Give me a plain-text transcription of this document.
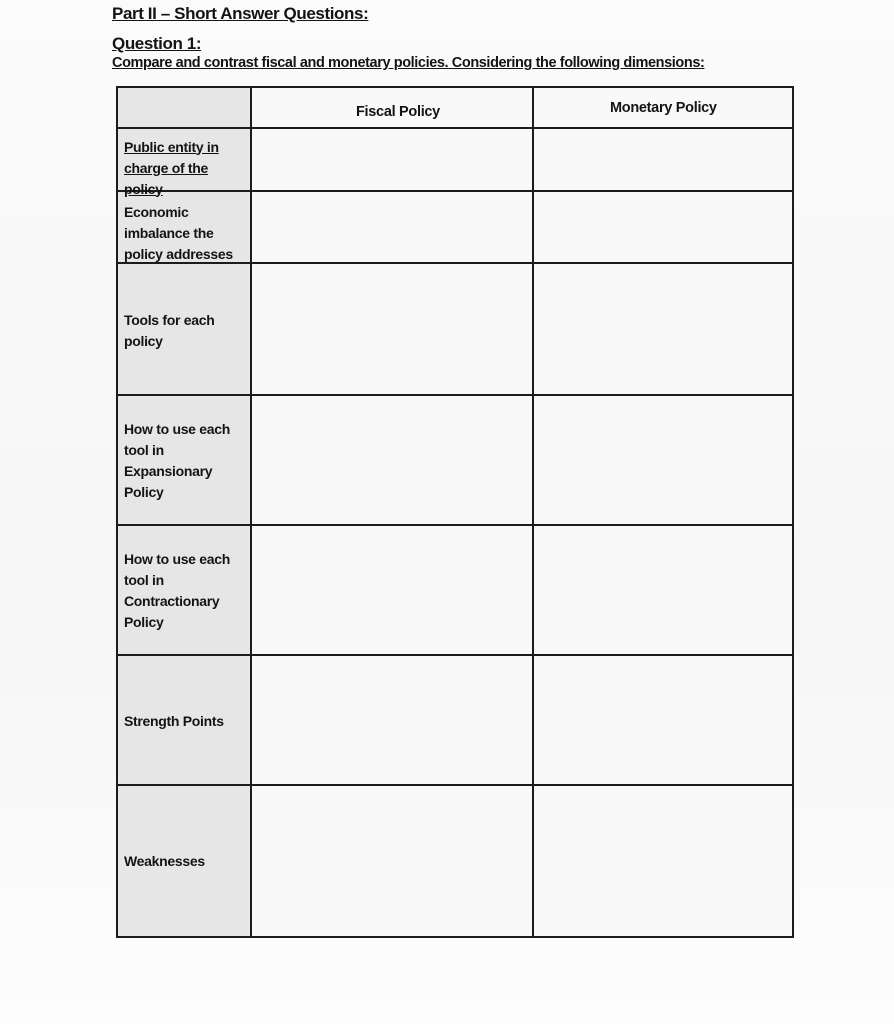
Part II – Short Answer Questions:
Question 1:
Compare and contrast fiscal and monetary policies. Considering the following dimensions:
Fiscal Policy	Monetary Policy
Public entity in charge of the policy
Economic imbalance the policy addresses
Tools for each policy
How to use each tool in Expansionary Policy
How to use each tool in Contractionary Policy
Strength Points
Weaknesses
